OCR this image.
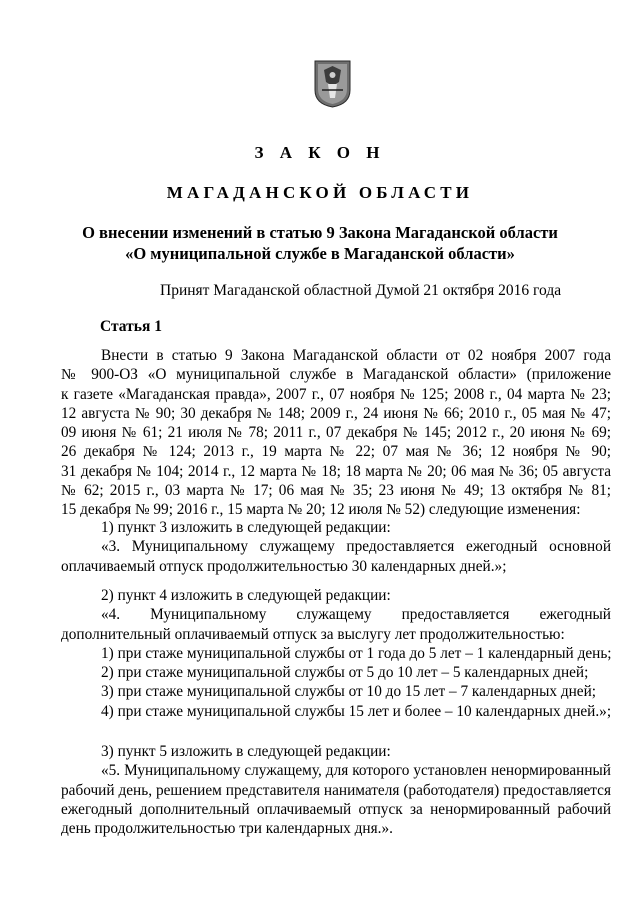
З А К О Н
МАГАДАНСКОЙ ОБЛАСТИ
О внесении изменений в статью 9 Закона Магаданской области
«О муниципальной службе в Магаданской области»
Принят Магаданской областной Думой 21 октября 2016 года
Статья 1
Внести в статью 9 Закона Магаданской области от 02 ноября 2007 года
№ 900-ОЗ «О муниципальной службе в Магаданской области» (приложение
к газете «Магаданская правда», 2007 г., 07 ноября № 125; 2008 г., 04 марта № 23;
12 августа № 90; 30 декабря № 148; 2009 г., 24 июня № 66; 2010 г., 05 мая № 47;
09 июня № 61; 21 июля № 78; 2011 г., 07 декабря № 145; 2012 г., 20 июня № 69;
26 декабря № 124; 2013 г., 19 марта № 22; 07 мая № 36; 12 ноября № 90;
31 декабря № 104; 2014 г., 12 марта № 18; 18 марта № 20; 06 мая № 36; 05 августа
№ 62; 2015 г., 03 марта № 17; 06 мая № 35; 23 июня № 49; 13 октября № 81;
15 декабря № 99; 2016 г., 15 марта № 20; 12 июля № 52) следующие изменения:
1) пункт 3 изложить в следующей редакции:
«3. Муниципальному служащему предоставляется ежегодный основной
оплачиваемый отпуск продолжительностью 30 календарных дней.»;
2) пункт 4 изложить в следующей редакции:
«4. Муниципальному служащему предоставляется ежегодный
дополнительный оплачиваемый отпуск за выслугу лет продолжительностью:
1) при стаже муниципальной службы от 1 года до 5 лет – 1 календарный день;
2) при стаже муниципальной службы от 5 до 10 лет – 5 календарных дней;
3) при стаже муниципальной службы от 10 до 15 лет – 7 календарных дней;
4) при стаже муниципальной службы 15 лет и более – 10 календарных дней.»;
3) пункт 5 изложить в следующей редакции:
«5. Муниципальному служащему, для которого установлен ненормированный
рабочий день, решением представителя нанимателя (работодателя) предоставляется
ежегодный дополнительный оплачиваемый отпуск за ненормированный рабочий
день продолжительностью три календарных дня.».
